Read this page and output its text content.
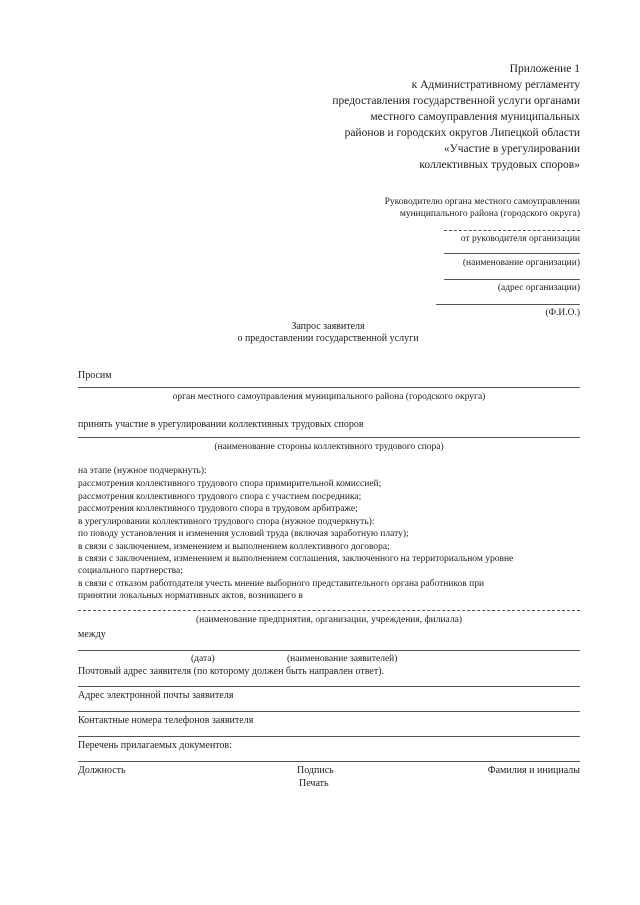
Приложение 1
к Административному регламенту
предоставления государственной услуги органами
местного самоуправления муниципальных
районов и городских округов Липецкой области
«Участие в урегулировании
коллективных трудовых споров»
Руководителю органа местного самоуправлении
муниципального района (городского округа)
от руководителя организации
(наименование организации)
(адрес организации)
(Ф.И.О.)
Запрос заявителя
о предоставлении государственной услуги
Просим
орган местного самоуправления муниципального района (городского округа)
принять участие в урегулировании коллективных трудовых споров
(наименование стороны коллективного трудового спора)
на этапе (нужное подчеркнуть):
рассмотрения коллективного трудового спора примирительной комиссией;
рассмотрения коллективного трудового спора с участием посредника;
рассмотрения коллективного трудового спора в трудовом арбитраже;
в урегулировании коллективного трудового спора (нужное подчеркнуть):
по поводу установления и изменения условий труда (включая заработную плату);
в связи с заключением, изменением и выполнением коллективного договора;
в связи с заключением, изменением и выполнением соглашения, заключенного на территориальном уровне
социального партнерства;
в связи с отказом работодателя учесть мнение выборного представительного органа работников при
принятии локальных нормативных актов, возникшего в
(наименование предприятия, организации, учреждения, филиала)
между
(дата)	(наименование заявителей)
Почтовый адрес заявителя (по которому должен быть направлен ответ).
Адрес электронной почты заявителя
Контактные номера телефонов заявителя
Перечень прилагаемых документов:
Должность	Подпись
Печать
Фамилия и инициалы
